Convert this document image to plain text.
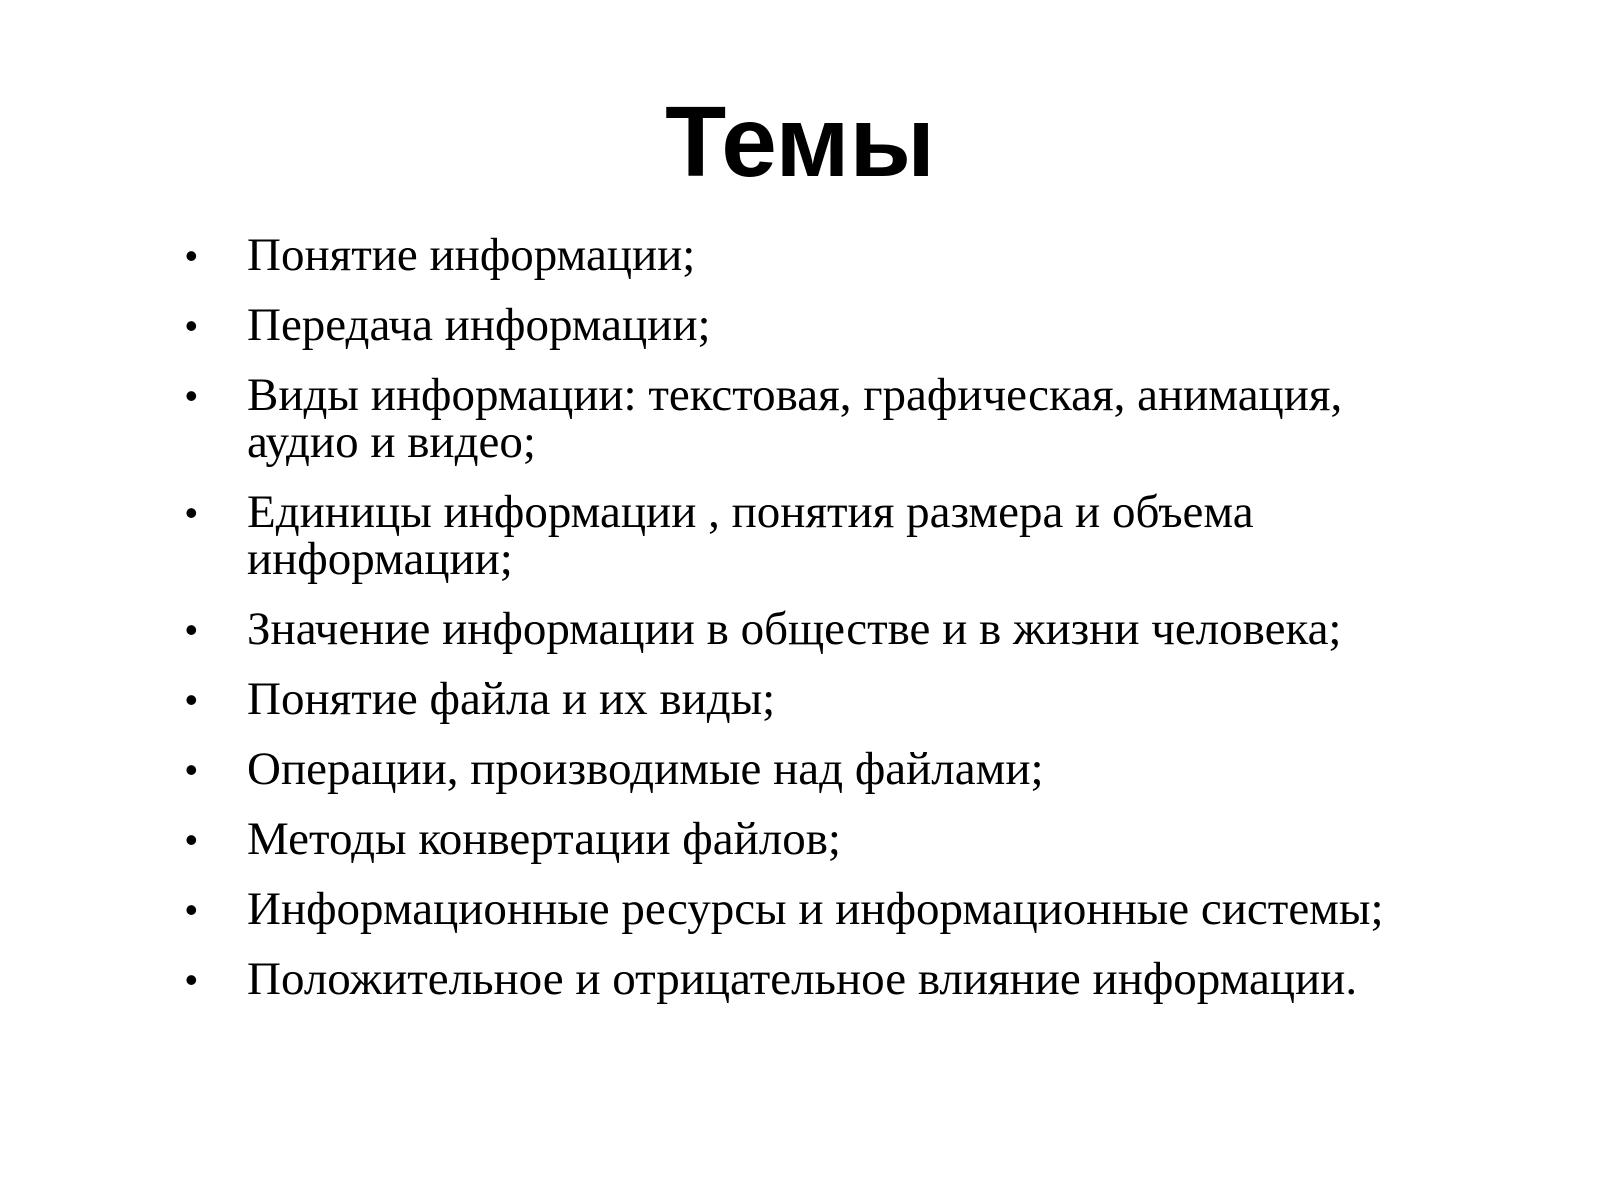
Темы
• Понятие информации;
• Передача информации;
• Виды информации: текстовая, графическая, анимация, аудио и видео;
• Единицы информации , понятия размера и объема информации;
• Значение информации в обществе и в жизни человека;
• Понятие файла и их виды;
• Операции, производимые над файлами;
• Методы конвертации файлов;
• Информационные ресурсы и информационные системы;
• Положительное и отрицательное влияние информации.
